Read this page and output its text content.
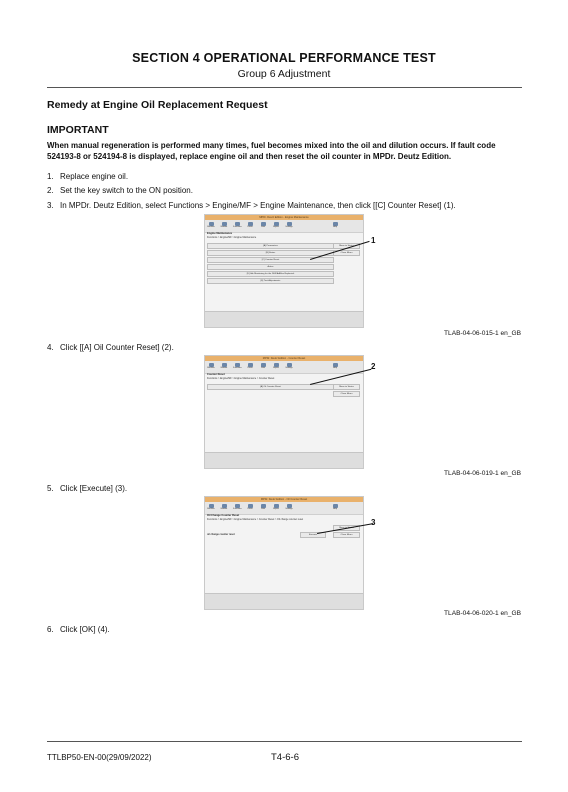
SECTION 4 OPERATIONAL PERFORMANCE TEST
Group 6 Adjustment
Remedy at Engine Oil Replacement Request
IMPORTANT
When manual regeneration is performed many times, fuel becomes mixed into the oil and dilution occurs. If fault code 524193-8 or 524194-8 is displayed, replace engine oil and then reset the oil counter in MPDr. Deutz Edition.
1. Replace engine oil.
2. Set the key switch to the ON position.
3. In MPDr. Deutz Edition, select Functions > Engine/MF > Engine Maintenance, then click [[C] Counter Reset] (1).
MPDr. Deutz Edition - Engine Maintenance
Machine	Monitor	Functions	Reset	Data	Report	Settings	Help
Engine Maintenance
Functions > Engine/MF > Engine Maintenance
[A] Parameters
[B] Status
[C] Counter Reset
Active
[D] Idle Monitoring for the DEF/AdBlue Replenish
[E] Test Adjustments
Move to Status
Close Menu
1
TLAB-04-06-015-1 en_GB
4. Click [[A] Oil Counter Reset] (2).
MPDr. Deutz Edition - Counter Reset
Machine	Monitor	Functions	Reset	Data	Report	Settings	Help
Counter Reset
Functions > Engine/MF > Engine Maintenance > Counter Reset
[A] Oil Counter Reset	Move to Status
Close Menu
2
TLAB-04-06-019-1 en_GB
5. Click [Execute] (3).
MPDr. Deutz Edition - Oil Counter Reset
Machine	Monitor	Functions	Reset	Data	Report	Settings	Help
Oil Change Counter Reset
Functions > Engine/MF > Engine Maintenance > Counter Reset > Oil change counter reset
oil change counter reset	Execute
Move to Status
Close Menu
3
TLAB-04-06-020-1 en_GB
6. Click [OK] (4).
TTLBP50-EN-00(29/09/2022)	T4-6-6
